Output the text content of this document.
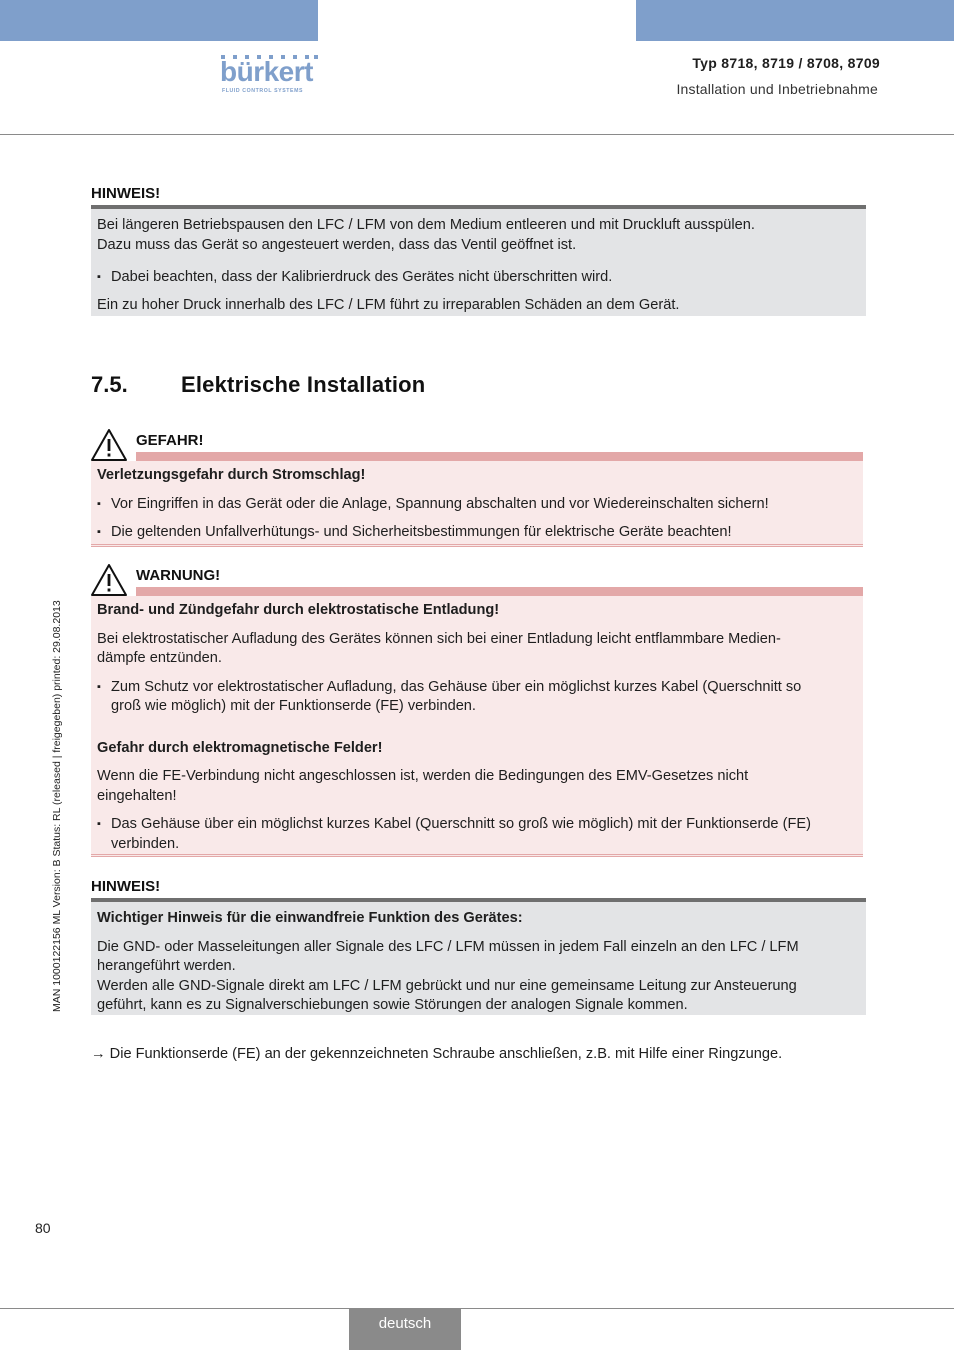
bürkert
FLUID CONTROL SYSTEMS
Typ 8718, 8719 / 8708, 8709
Installation und Inbetriebnahme
MAN 1000122156 ML Version: B Status: RL (released | freigegeben) printed: 29.08.2013
HINWEIS!

Bei längeren Betriebspausen den LFC / LFM von dem Medium entleeren und mit Druckluft ausspülen.

Dazu muss das Gerät so angesteuert werden, dass das Ventil geöffnet ist.

▪ Dabei beachten, dass der Kalibrierdruck des Gerätes nicht überschritten wird.

Ein zu hoher Druck innerhalb des LFC / LFM führt zu irreparablen Schäden an dem Gerät.

7.5. Elektrische Installation
GEFAHR!

Verletzungsgefahr durch Stromschlag!

▪ Vor Eingriffen in das Gerät oder die Anlage, Spannung abschalten und vor Wiedereinschalten sichern!

▪ Die geltenden Unfallverhütungs- und Sicherheitsbestimmungen für elektrische Geräte beachten!

WARNUNG!

Brand- und Zündgefahr durch elektrostatische Entladung!

Bei elektrostatischer Aufladung des Gerätes können sich bei einer Entladung leicht entflammbare Medien-

dämpfe entzünden.

▪ Zum Schutz vor elektrostatischer Aufladung, das Gehäuse über ein möglichst kurzes Kabel (Querschnitt so
groß wie möglich) mit der Funktionserde (FE) verbinden.

Gefahr durch elektromagnetische Felder!

Wenn die FE-Verbindung nicht angeschlossen ist, werden die Bedingungen des EMV-Gesetzes nicht

eingehalten!

▪ Das Gehäuse über ein möglichst kurzes Kabel (Querschnitt so groß wie möglich) mit der Funktionserde (FE)
verbinden.
HINWEIS!

Wichtiger Hinweis für die einwandfreie Funktion des Gerätes:

Die GND- oder Masseleitungen aller Signale des LFC / LFM müssen in jedem Fall einzeln an den LFC / LFM

herangeführt werden.

Werden alle GND-Signale direkt am LFC / LFM gebrückt und nur eine gemeinsame Leitung zur Ansteuerung

geführt, kann es zu Signalverschiebungen sowie Störungen der analogen Signale kommen.

→ Die Funktionserde (FE) an der gekennzeichneten Schraube anschließen, z.B. mit Hilfe einer Ringzunge.
80
deutsch
